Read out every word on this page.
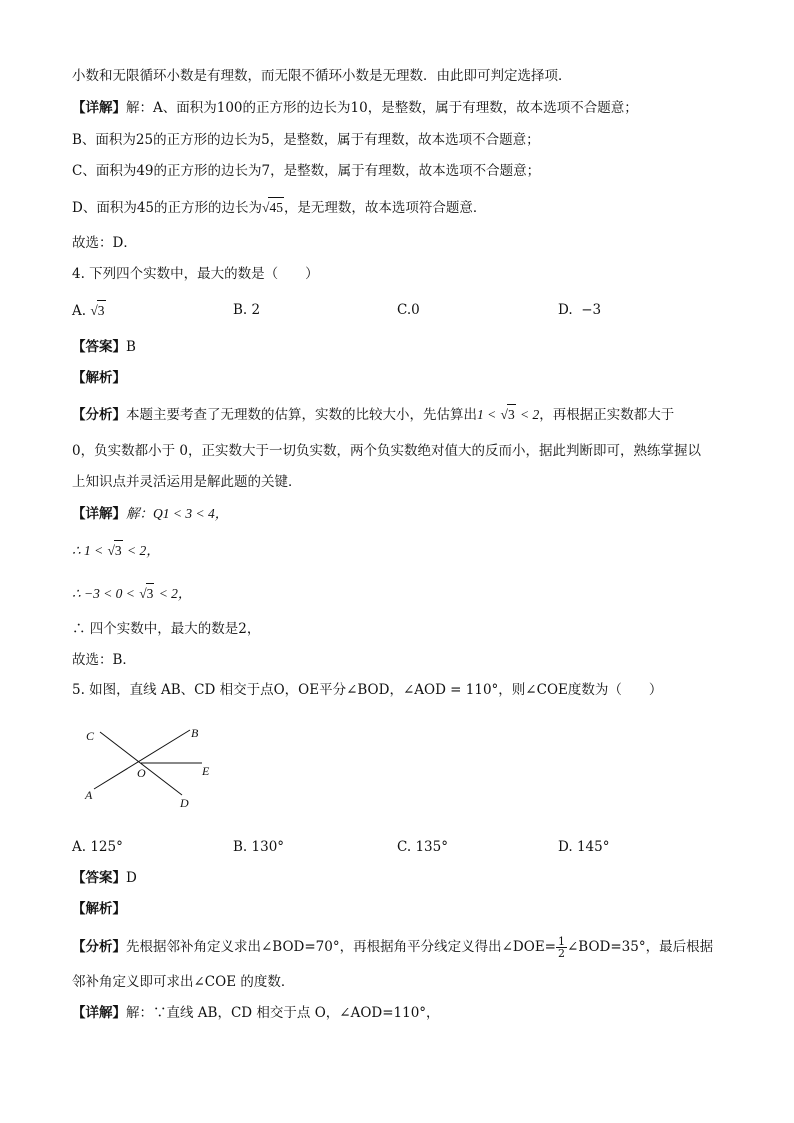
小数和无限循环小数是有理数，而无限不循环小数是无理数．由此即可判定选择项．
【详解】解：A、面积为100的正方形的边长为10，是整数，属于有理数，故本选项不合题意；
B、面积为25的正方形的边长为5，是整数，属于有理数，故本选项不合题意；
C、面积为49的正方形的边长为7，是整数，属于有理数，故本选项不合题意；
D、面积为45的正方形的边长为√45，是无理数，故本选项符合题意．
故选：D．
4. 下列四个实数中，最大的数是（　　）
A. √3	B. 2	C.0	D. −3
【答案】B
【解析】
【分析】本题主要考查了无理数的估算，实数的比较大小，先估算出1 < √3 < 2，再根据正实数都大于
0，负实数都小于 0，正实数大于一切负实数，两个负实数绝对值大的反而小，据此判断即可，熟练掌握以
上知识点并灵活运用是解此题的关键．
【详解】解：Q1 < 3 < 4，
∴ 1 < √3 < 2，
∴ −3 < 0 < √3 < 2，
∴ 四个实数中，最大的数是2，
故选：B．
5. 如图，直线 AB、CD 相交于点O，OE平分∠BOD，∠AOD = 110°，则∠COE度数为（　　）
C	B
O	E
A
D
A. 125°	B. 130°	C. 135°	D. 145°
【答案】D
【解析】
【分析】先根据邻补角定义求出∠BOD=70°，再根据角平分线定义得出∠DOE= $\frac{1}{2}$ ∠BOD=35°，最后根据
邻补角定义即可求出∠COE 的度数．
【详解】解：∵直线 AB，CD 相交于点 O，∠AOD=110°，
